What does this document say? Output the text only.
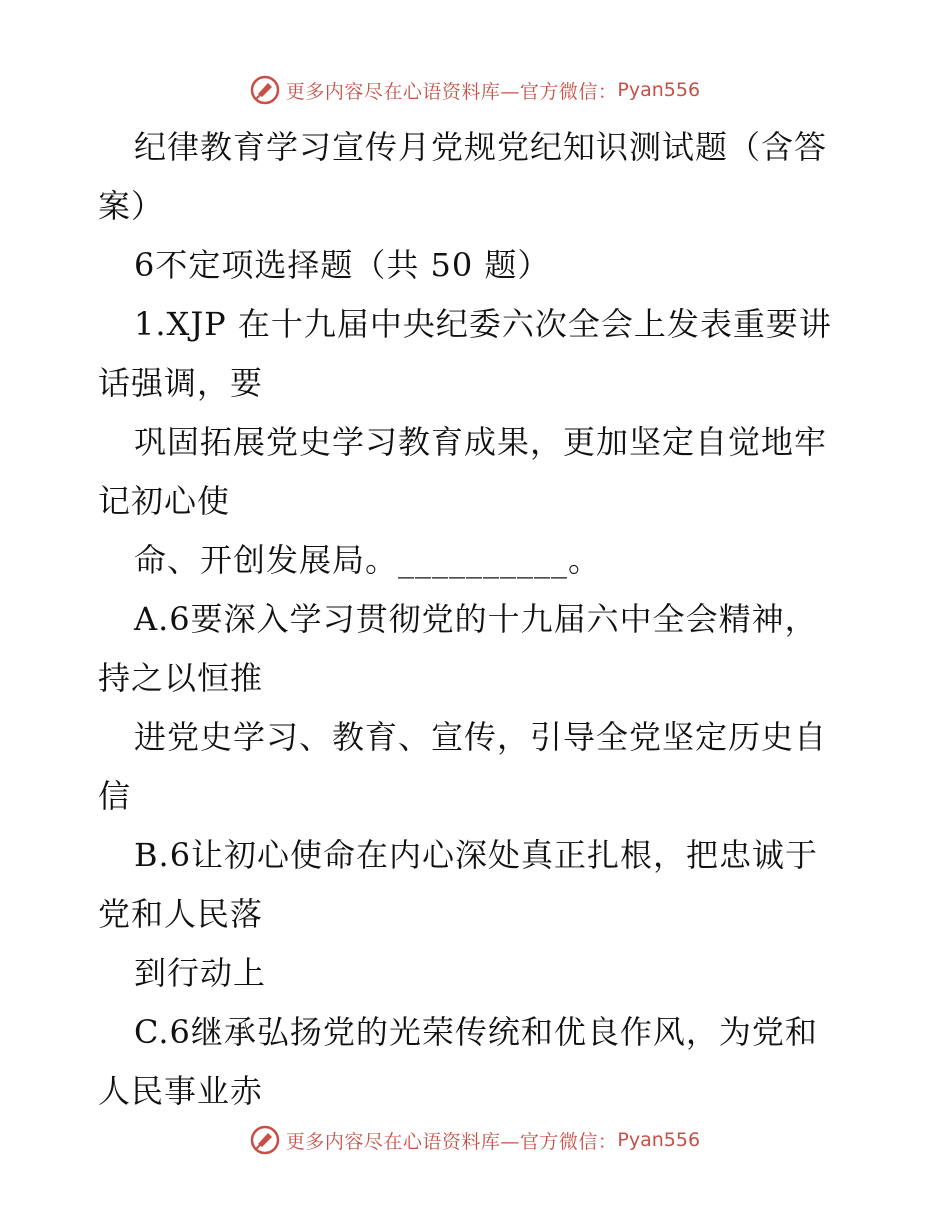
更多内容尽在心语资料库—官方微信： Pyan556
纪律教育学习宣传月党规党纪知识测试题（含答
案）
6不定项选择题（共 50 题）
1.XJP 在十九届中央纪委六次全会上发表重要讲
话强调，要
巩固拓展党史学习教育成果，更加坚定自觉地牢
记初心使
命、开创发展局。__________。
A.6要深入学习贯彻党的十九届六中全会精神，
持之以恒推
进党史学习、教育、宣传，引导全党坚定历史自
信
B.6让初心使命在内心深处真正扎根，把忠诚于
党和人民落
到行动上
C.6继承弘扬党的光荣传统和优良作风，为党和
人民事业赤
更多内容尽在心语资料库—官方微信： Pyan556
